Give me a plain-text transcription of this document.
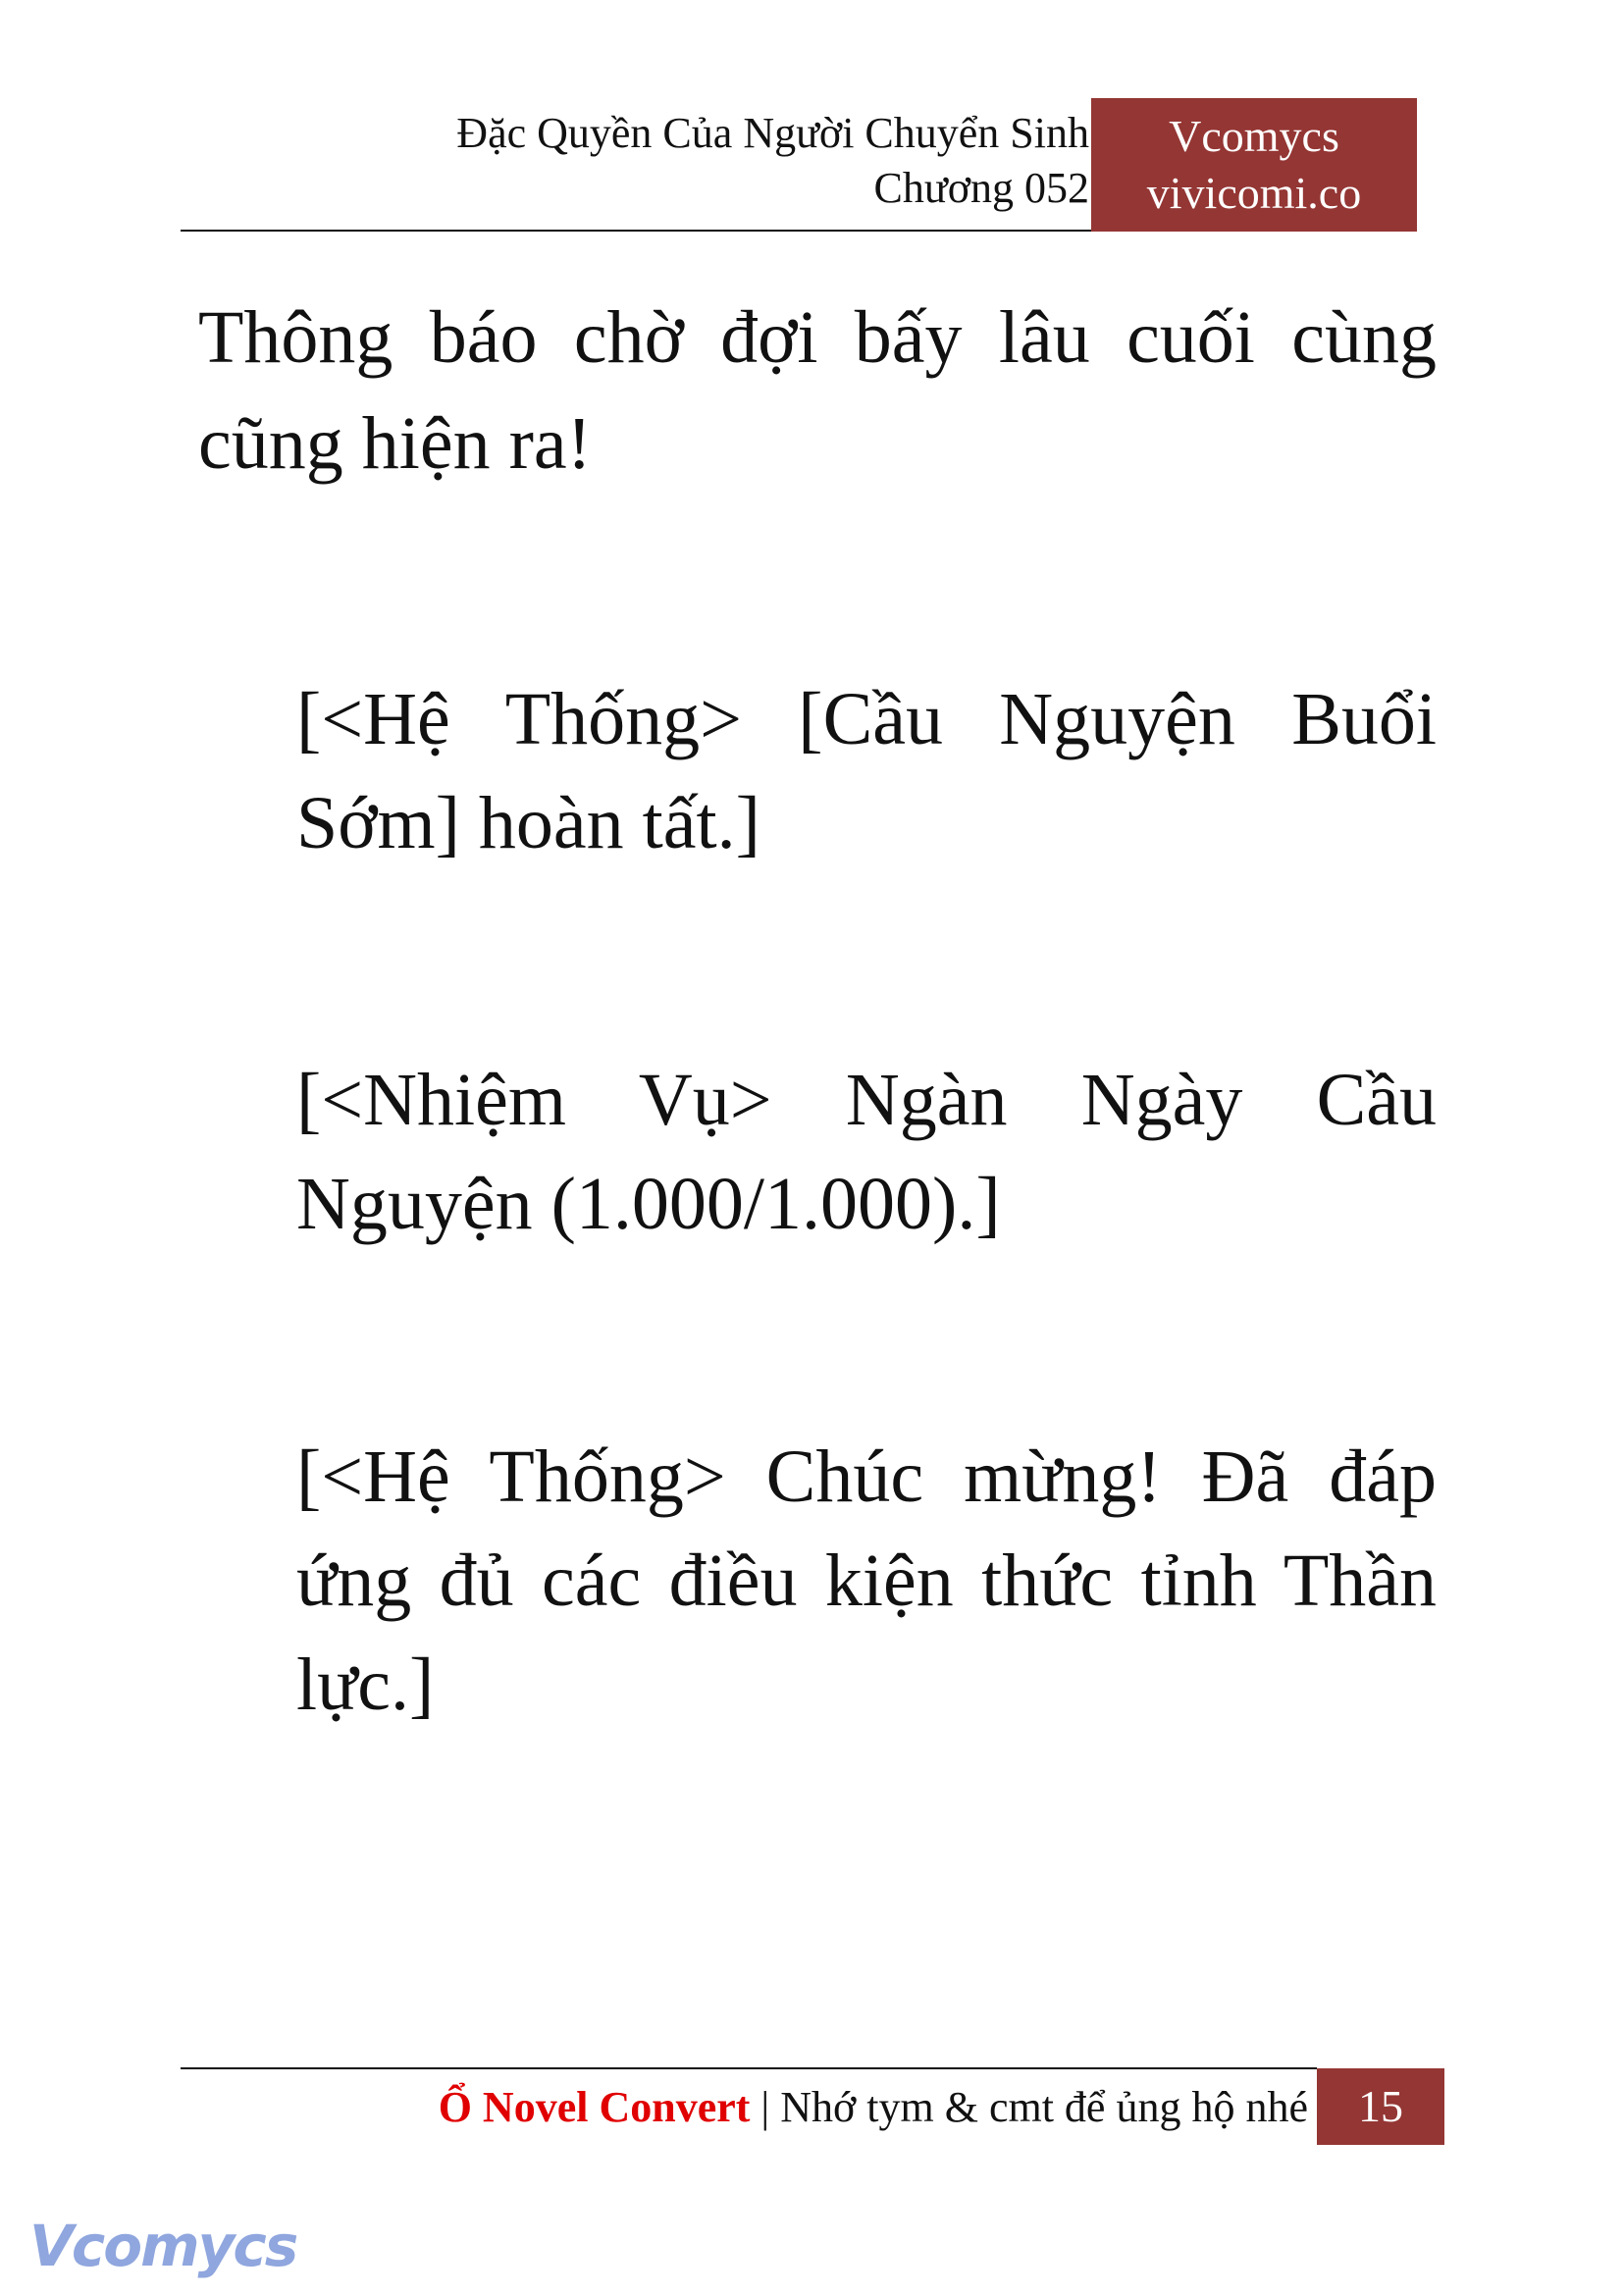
Đặc Quyền Của Người Chuyển Sinh
Chương 052
Vcomycs
vivicomi.co
Thông báo chờ đợi bấy lâu cuối cùng cũng hiện ra!
[<Hệ Thống> [Cầu Nguyện Buổi Sớm] hoàn tất.]
[<Nhiệm Vụ> Ngàn Ngày Cầu Nguyện (1.000/1.000).]
[<Hệ Thống> Chúc mừng! Đã đáp ứng đủ các điều kiện thức tỉnh Thần lực.]
Ổ Novel Convert | Nhớ tym & cmt để ủng hộ nhé	15
Vcomycs
